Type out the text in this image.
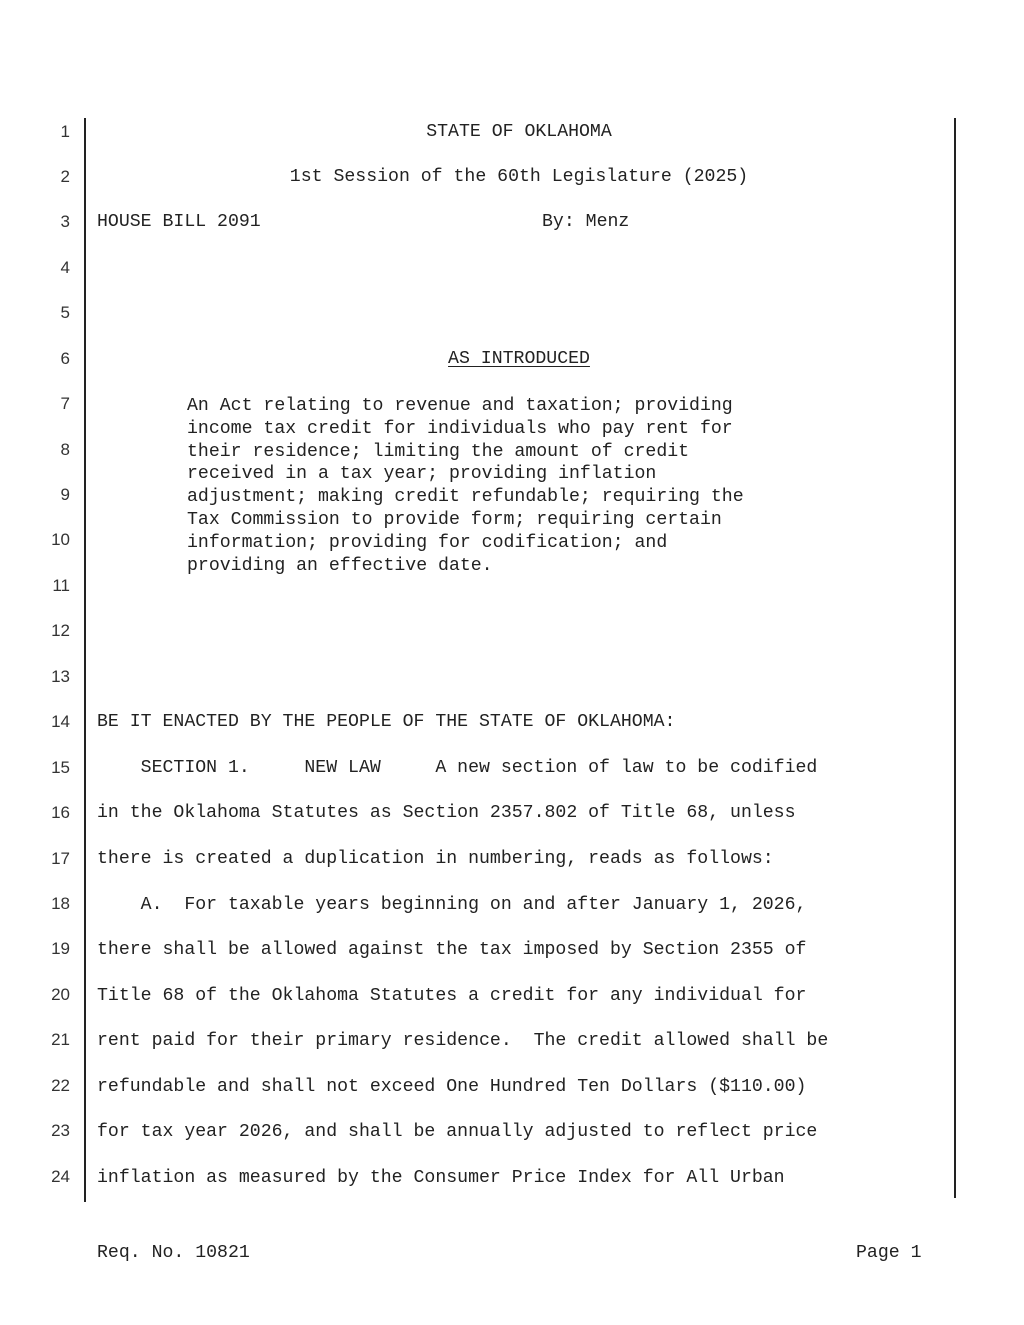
1
2
3
4
5
6
7
8
9
10
11
12
13
14
15
16
17
18
19
20
21
22
23
24
STATE OF OKLAHOMA
1st Session of the 60th Legislature (2025)
HOUSE BILL 2091	By: Menz
AS INTRODUCED
An Act relating to revenue and taxation; providing
income tax credit for individuals who pay rent for
their residence; limiting the amount of credit
received in a tax year; providing inflation
adjustment; making credit refundable; requiring the
Tax Commission to provide form; requiring certain
information; providing for codification; and
providing an effective date.
BE IT ENACTED BY THE PEOPLE OF THE STATE OF OKLAHOMA:
SECTION 1.     NEW LAW     A new section of law to be codified
in the Oklahoma Statutes as Section 2357.802 of Title 68, unless
there is created a duplication in numbering, reads as follows:
A.  For taxable years beginning on and after January 1, 2026,
there shall be allowed against the tax imposed by Section 2355 of
Title 68 of the Oklahoma Statutes a credit for any individual for
rent paid for their primary residence.  The credit allowed shall be
refundable and shall not exceed One Hundred Ten Dollars ($110.00)
for tax year 2026, and shall be annually adjusted to reflect price
inflation as measured by the Consumer Price Index for All Urban
Req. No. 10821	Page 1
